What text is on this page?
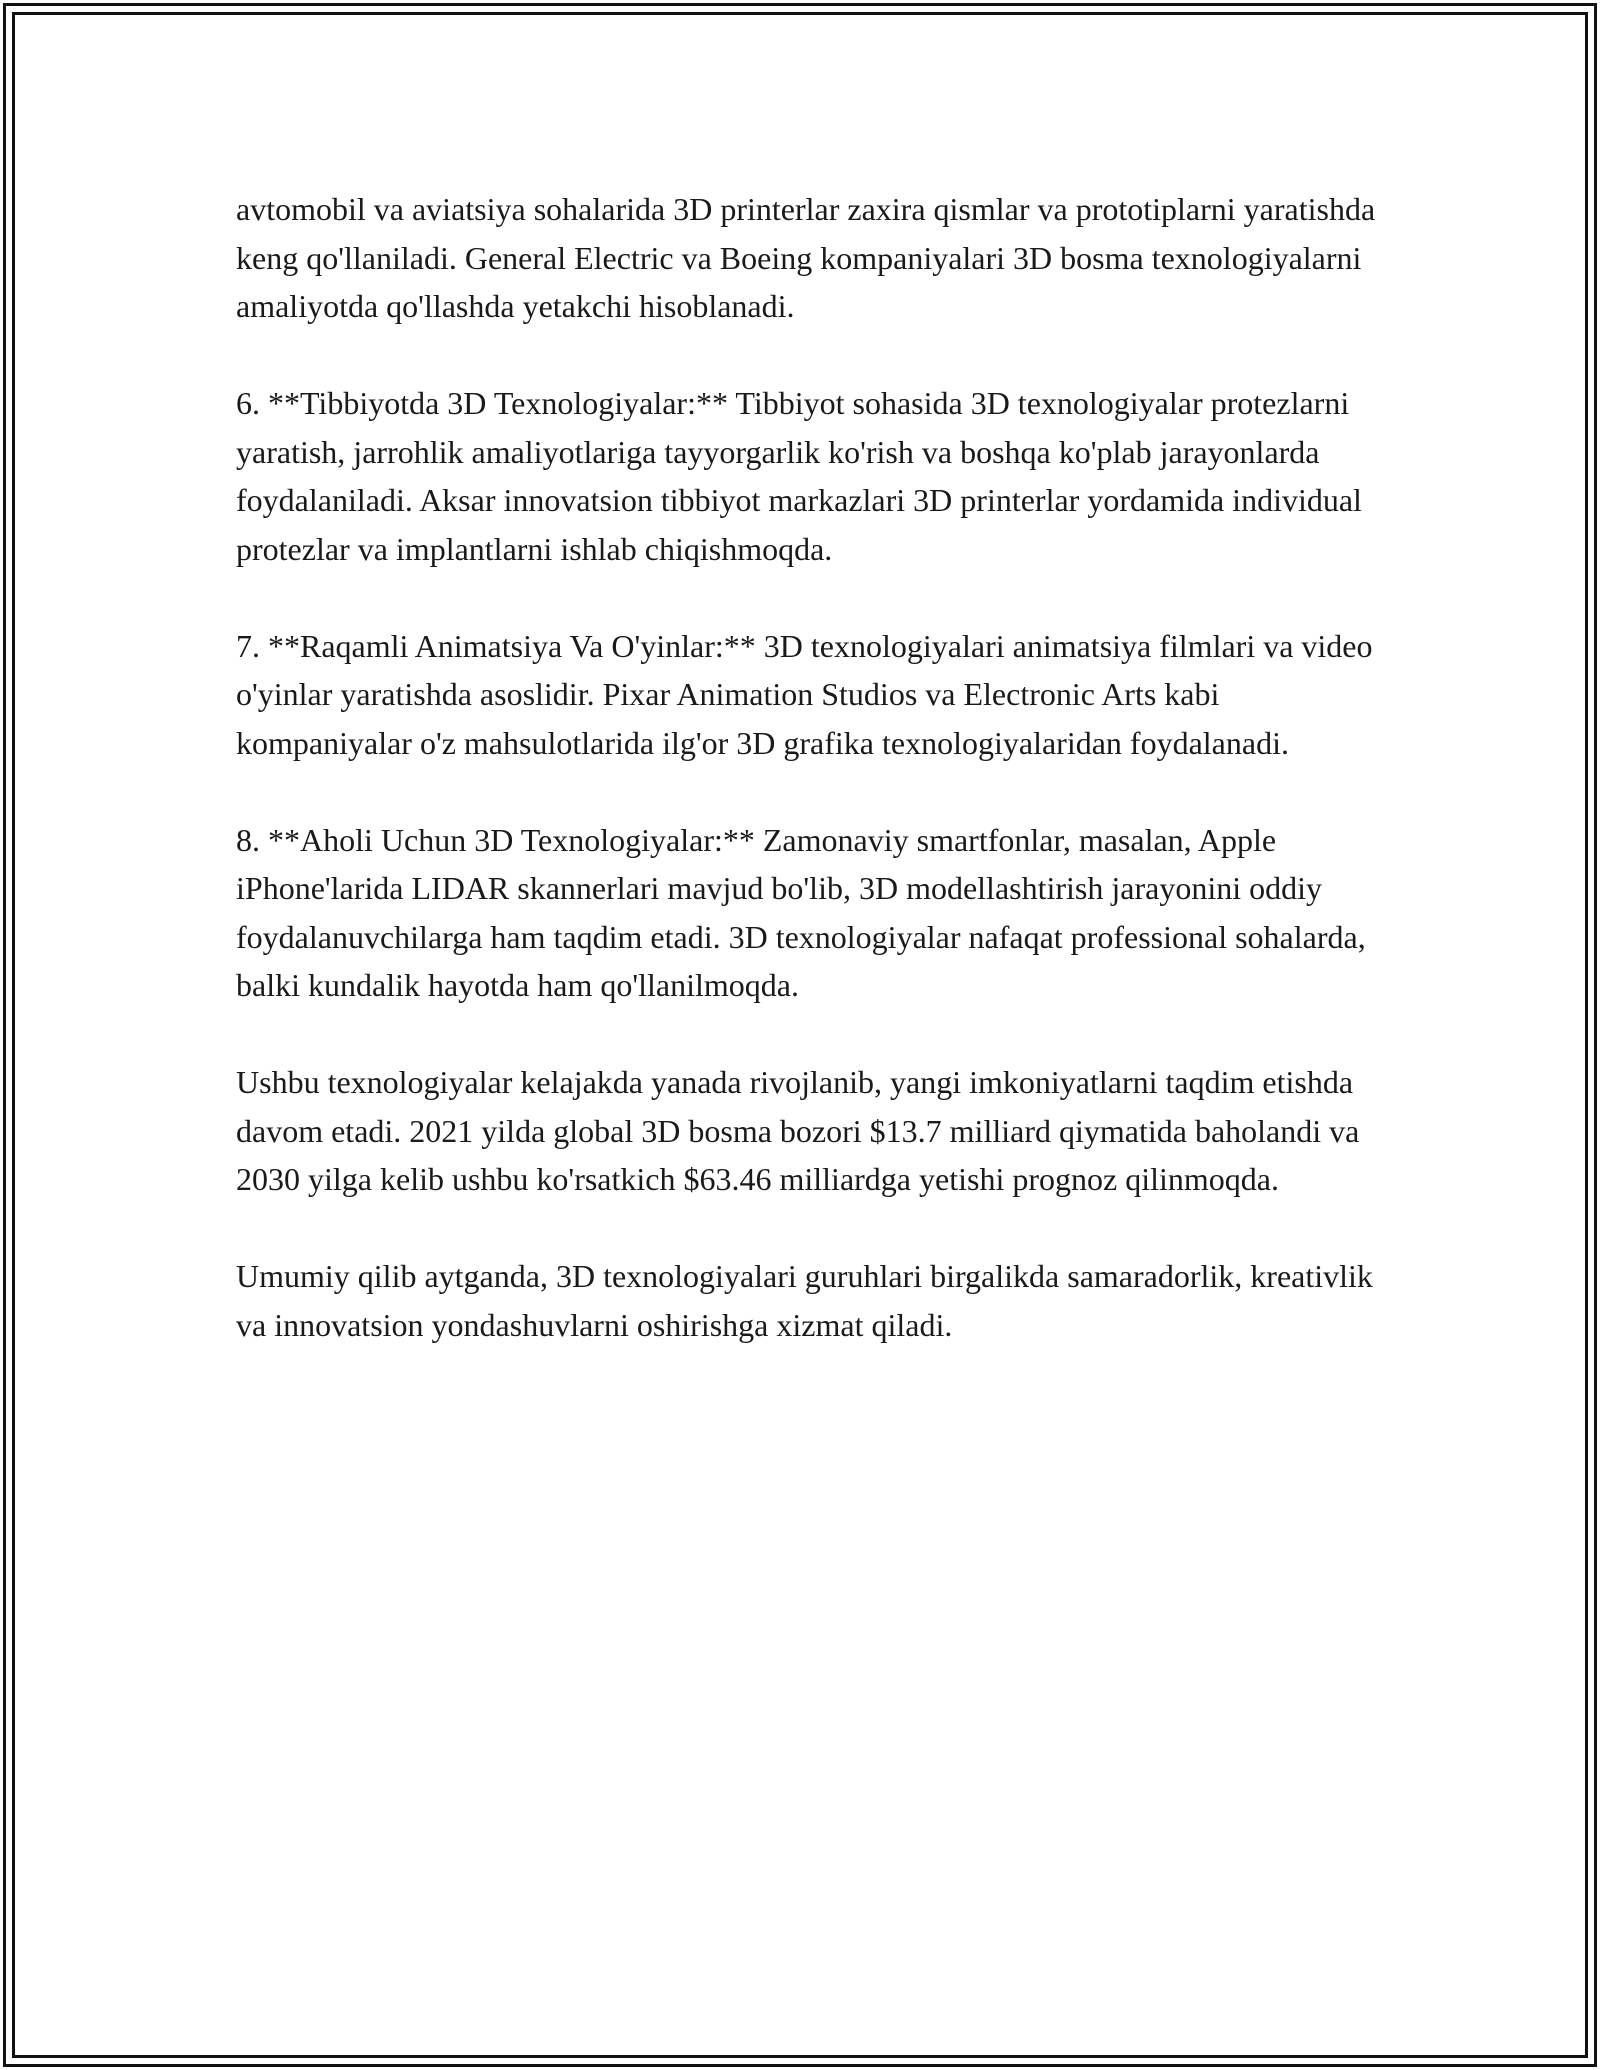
avtomobil va aviatsiya sohalarida 3D printerlar zaxira qismlar va prototiplarni yaratishda keng qo'llaniladi. General Electric va Boeing kompaniyalari 3D bosma texnologiyalarni amaliyotda qo'llashda yetakchi hisoblanadi.

6. **Tibbiyotda 3D Texnologiyalar:** Tibbiyot sohasida 3D texnologiyalar protezlarni yaratish, jarrohlik amaliyotlariga tayyorgarlik ko'rish va boshqa ko'plab jarayonlarda foydalaniladi. Aksar innovatsion tibbiyot markazlari 3D printerlar yordamida individual protezlar va implantlarni ishlab chiqishmoqda.

7. **Raqamli Animatsiya Va O'yinlar:** 3D texnologiyalari animatsiya filmlari va video o'yinlar yaratishda asoslidir. Pixar Animation Studios va Electronic Arts kabi kompaniyalar o'z mahsulotlarida ilg'or 3D grafika texnologiyalaridan foydalanadi.

8. **Aholi Uchun 3D Texnologiyalar:** Zamonaviy smartfonlar, masalan, Apple iPhone'larida LIDAR skannerlari mavjud bo'lib, 3D modellashtirish jarayonini oddiy foydalanuvchilarga ham taqdim etadi. 3D texnologiyalar nafaqat professional sohalarda, balki kundalik hayotda ham qo'llanilmoqda.

Ushbu texnologiyalar kelajakda yanada rivojlanib, yangi imkoniyatlarni taqdim etishda davom etadi. 2021 yilda global 3D bosma bozori $13.7 milliard qiymatida baholandi va 2030 yilga kelib ushbu ko'rsatkich $63.46 milliardga yetishi prognoz qilinmoqda.

Umumiy qilib aytganda, 3D texnologiyalari guruhlari birgalikda samaradorlik, kreativlik va innovatsion yondashuvlarni oshirishga xizmat qiladi.
